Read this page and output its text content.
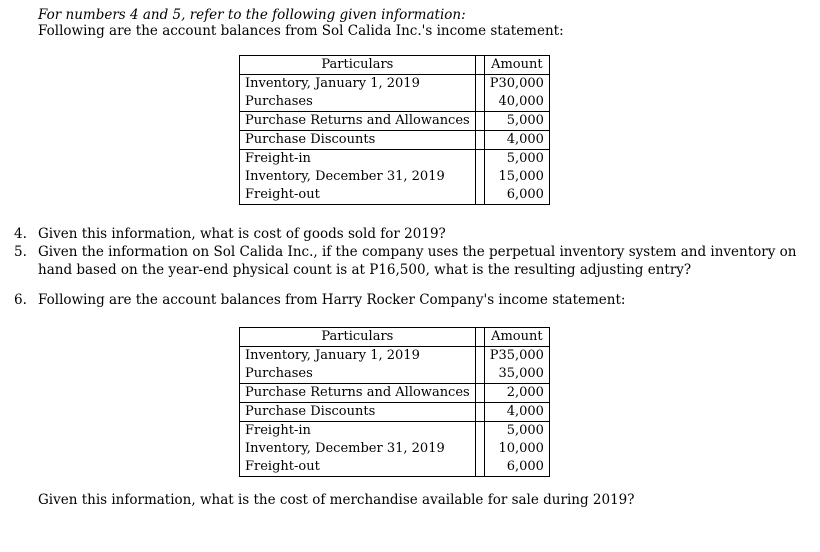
For numbers 4 and 5, refer to the following given information:
Following are the account balances from Sol Calida Inc.'s income statement:
Particulars		Amount
Inventory, January 1, 2019		P30,000
Purchases		40,000
Purchase Returns and Allowances		5,000
Purchase Discounts		4,000
Freight-in		5,000
Inventory, December 31, 2019		15,000
Freight-out		6,000
4. Given this information, what is cost of goods sold for 2019?
5. Given the information on Sol Calida Inc., if the company uses the perpetual inventory system and inventory on hand based on the year-end physical count is at P16,500, what is the resulting adjusting entry?
6. Following are the account balances from Harry Rocker Company's income statement:
Particulars		Amount
Inventory, January 1, 2019		P35,000
Purchases		35,000
Purchase Returns and Allowances		2,000
Purchase Discounts		4,000
Freight-in		5,000
Inventory, December 31, 2019		10,000
Freight-out		6,000
Given this information, what is the cost of merchandise available for sale during 2019?
